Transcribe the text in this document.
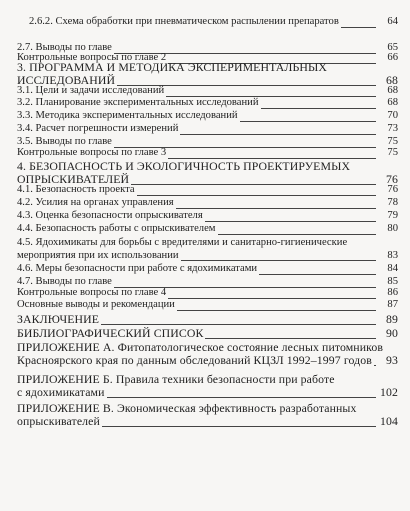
2.6.2. Схема обработки при пневматическом распылении препаратов	64
2.7. Выводы по главе	65
Контрольные вопросы по главе 2	66
3. ПРОГРАММА И МЕТОДИКА ЭКСПЕРИМЕНТАЛЬНЫХ
ИССЛЕДОВАНИЙ	68
3.1. Цели и задачи исследований	68
3.2. Планирование экспериментальных исследований	68
3.3. Методика экспериментальных исследований	70
3.4. Расчет погрешности измерений	73
3.5. Выводы по главе	75
Контрольные вопросы по главе 3	75
4. БЕЗОПАСНОСТЬ И ЭКОЛОГИЧНОСТЬ ПРОЕКТИРУЕМЫХ
ОПРЫСКИВАТЕЛЕЙ	76
4.1. Безопасность проекта	76
4.2. Усилия на органах управления	78
4.3. Оценка безопасности опрыскивателя	79
4.4. Безопасность работы с опрыскивателем	80
4.5. Ядохимикаты для борьбы с вредителями и санитарно-гигиенические
мероприятия при их использовании	83
4.6. Меры безопасности при работе с ядохимикатами	84
4.7. Выводы по главе	85
Контрольные вопросы по главе 4	86
Основные выводы и рекомендации	87
ЗАКЛЮЧЕНИЕ	89
БИБЛИОГРАФИЧЕСКИЙ СПИСОК	90
ПРИЛОЖЕНИЕ А. Фитопатологическое состояние лесных питомников
Красноярского края по данным обследований КЦЗЛ 1992–1997 годов 93
ПРИЛОЖЕНИЕ Б. Правила техники безопасности при работе
с ядохимикатами	102
ПРИЛОЖЕНИЕ В. Экономическая эффективность разработанных
опрыскивателей	104
